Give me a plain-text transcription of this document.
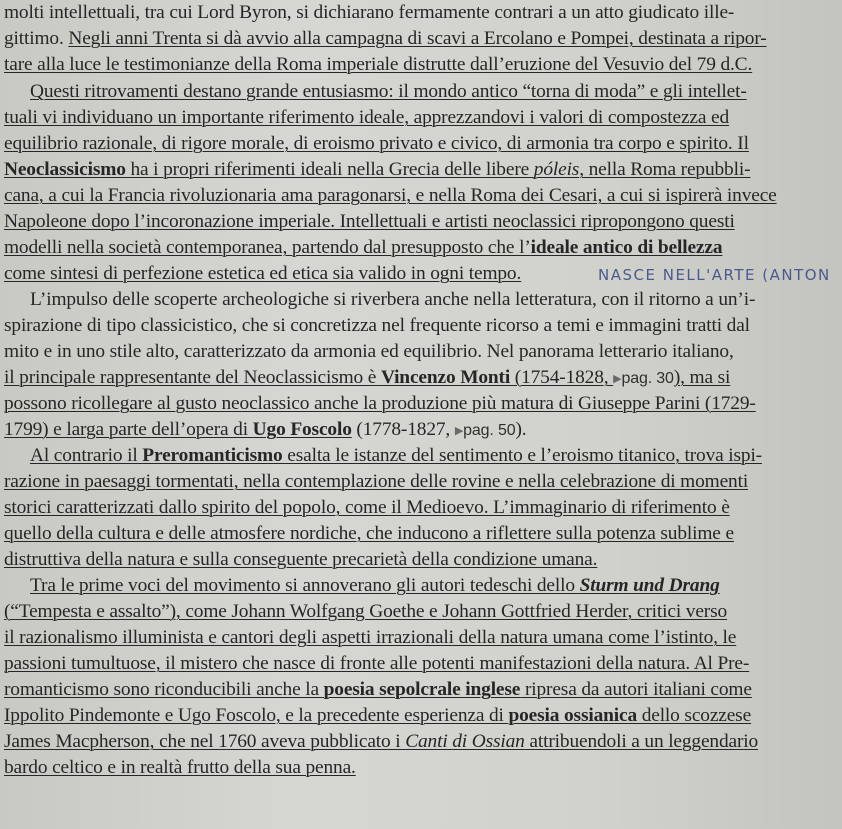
molti intellettuali, tra cui Lord Byron, si dichiarano fermamente contrari a un atto giudicato ille-
gittimo. Negli anni Trenta si dà avvio alla campagna di scavi a Ercolano e Pompei, destinata a ripor-
tare alla luce le testimonianze della Roma imperiale distrutte dall’eruzione del Vesuvio del 79 d.C.
Questi ritrovamenti destano grande entusiasmo: il mondo antico “torna di moda” e gli intellet-
tuali vi individuano un importante riferimento ideale, apprezzandovi i valori di compostezza ed
equilibrio razionale, di rigore morale, di eroismo privato e civico, di armonia tra corpo e spirito. Il
Neoclassicismo ha i propri riferimenti ideali nella Grecia delle libere póleis, nella Roma repubbli-
cana, a cui la Francia rivoluzionaria ama paragonarsi, e nella Roma dei Cesari, a cui si ispirerà invece
Napoleone dopo l’incoronazione imperiale. Intellettuali e artisti neoclassici ripropongono questi
modelli nella società contemporanea, partendo dal presupposto che l’ideale antico di bellezza
come sintesi di perfezione estetica ed etica sia valido in ogni tempo.	NASCE NELL'ARTE (ANTON
L’impulso delle scoperte archeologiche si riverbera anche nella letteratura, con il ritorno a un’i-
spirazione di tipo classicistico, che si concretizza nel frequente ricorso a temi e immagini tratti dal
mito e in uno stile alto, caratterizzato da armonia ed equilibrio. Nel panorama letterario italiano,
il principale rappresentante del Neoclassicismo è Vincenzo Monti (1754-1828, ▶pag. 30), ma si
possono ricollegare al gusto neoclassico anche la produzione più matura di Giuseppe Parini (1729-
1799) e larga parte dell’opera di Ugo Foscolo (1778-1827, ▶pag. 50).
Al contrario il Preromanticismo esalta le istanze del sentimento e l’eroismo titanico, trova ispi-
razione in paesaggi tormentati, nella contemplazione delle rovine e nella celebrazione di momenti
storici caratterizzati dallo spirito del popolo, come il Medioevo. L’immaginario di riferimento è
quello della cultura e delle atmosfere nordiche, che inducono a riflettere sulla potenza sublime e
distruttiva della natura e sulla conseguente precarietà della condizione umana.
Tra le prime voci del movimento si annoverano gli autori tedeschi dello Sturm und Drang
(“Tempesta e assalto”), come Johann Wolfgang Goethe e Johann Gottfried Herder, critici verso
il razionalismo illuminista e cantori degli aspetti irrazionali della natura umana come l’istinto, le
passioni tumultuose, il mistero che nasce di fronte alle potenti manifestazioni della natura. Al Pre-
romanticismo sono riconducibili anche la poesia sepolcrale inglese ripresa da autori italiani come
Ippolito Pindemonte e Ugo Foscolo, e la precedente esperienza di poesia ossianica dello scozzese
James Macpherson, che nel 1760 aveva pubblicato i Canti di Ossian attribuendoli a un leggendario
bardo celtico e in realtà frutto della sua penna.
